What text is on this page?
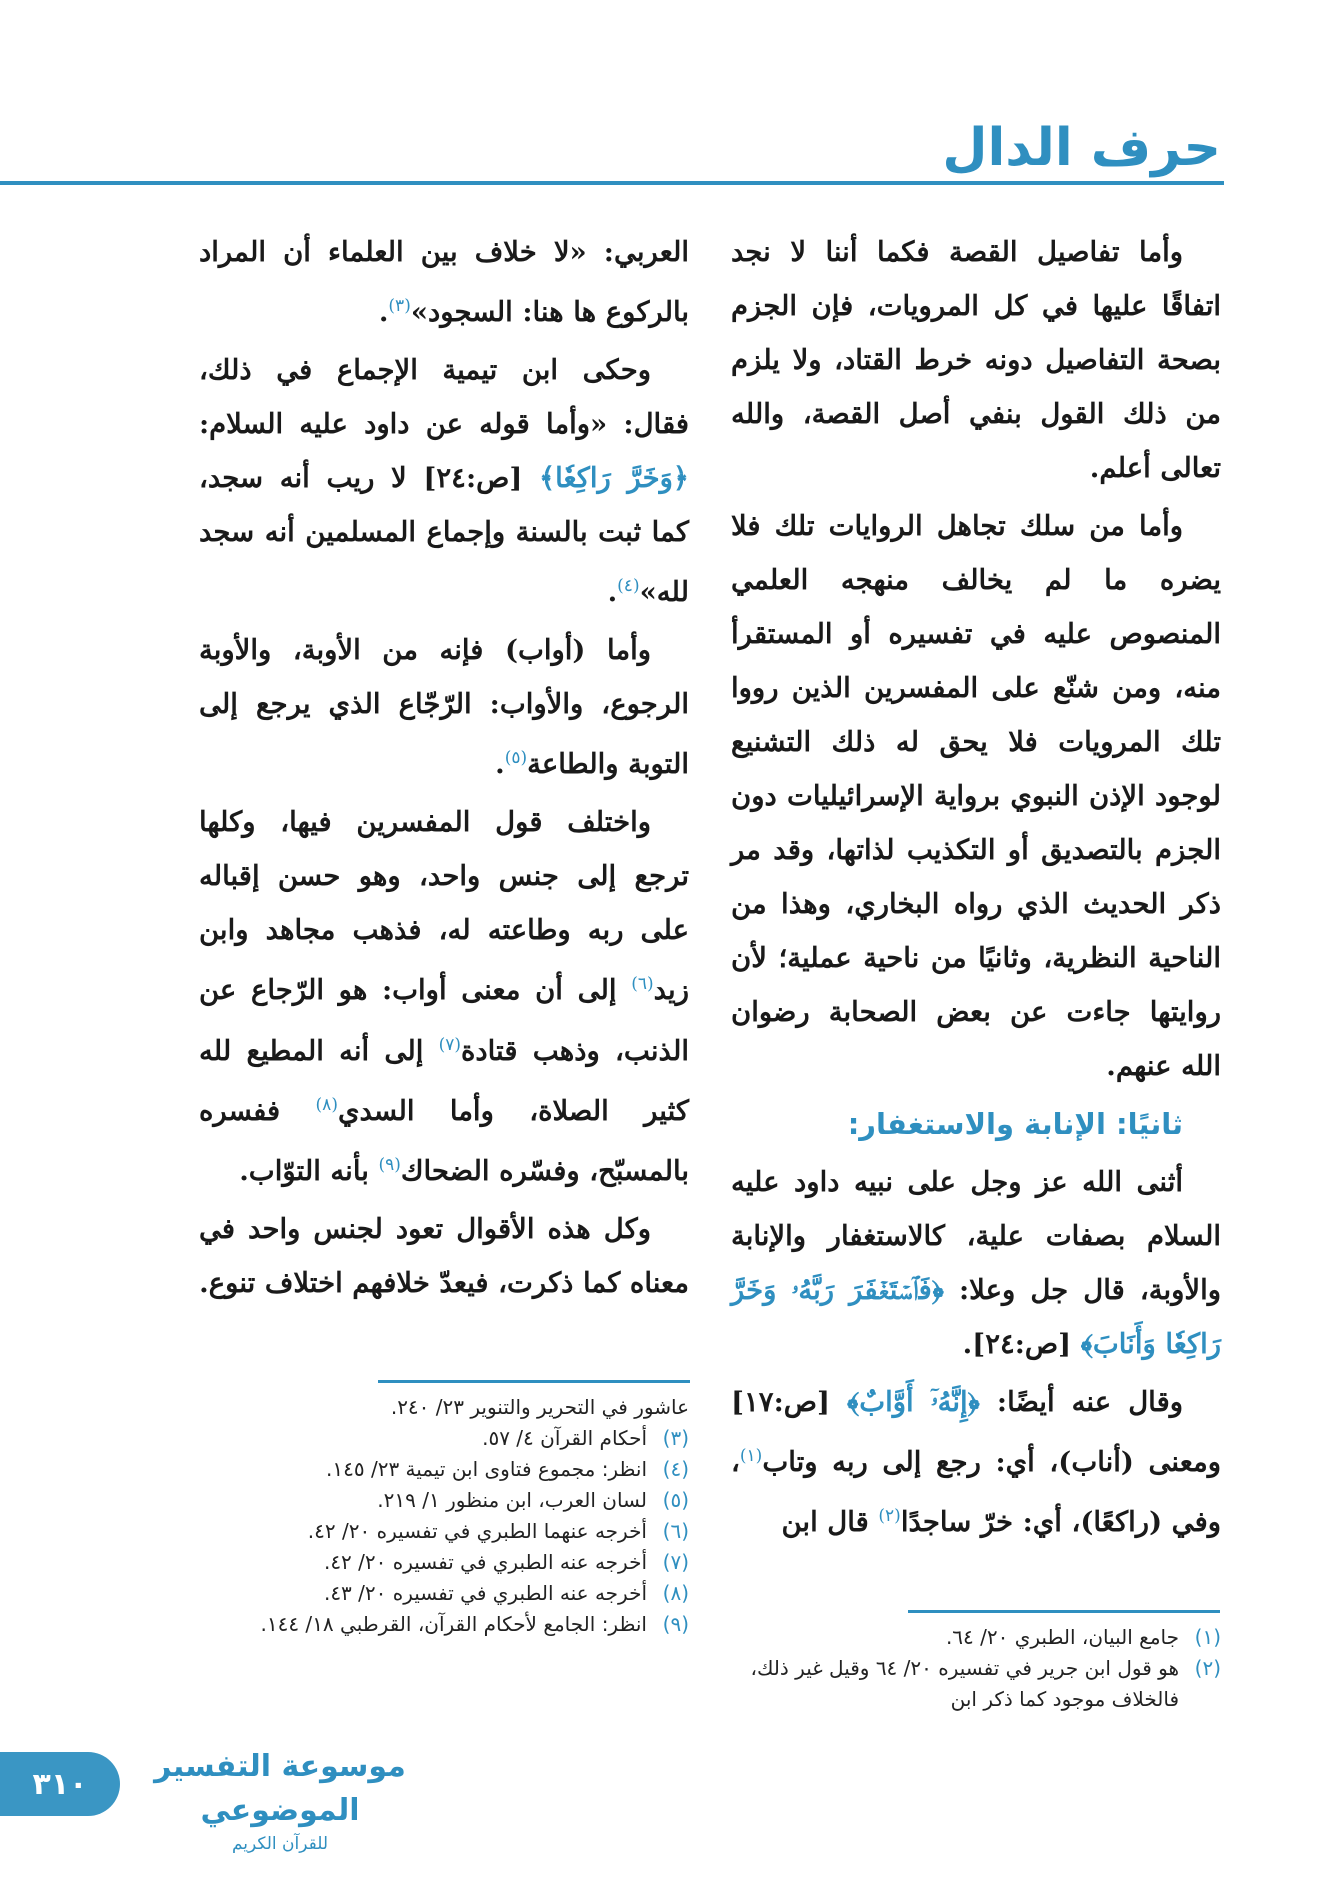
حرف الدال

وأما تفاصيل القصة فكما أننا لا نجد اتفاقًا عليها في كل المرويات، فإن الجزم بصحة التفاصيل دونه خرط القتاد، ولا يلزم من ذلك القول بنفي أصل القصة، والله تعالى أعلم.

وأما من سلك تجاهل الروايات تلك فلا يضره ما لم يخالف منهجه العلمي المنصوص عليه في تفسيره أو المستقرأ منه، ومن شنّع على المفسرين الذين رووا تلك المرويات فلا يحق له ذلك التشنيع لوجود الإذن النبوي برواية الإسرائيليات دون الجزم بالتصديق أو التكذيب لذاتها، وقد مر ذكر الحديث الذي رواه البخاري، وهذا من الناحية النظرية، وثانيًا من ناحية عملية؛ لأن روايتها جاءت عن بعض الصحابة رضوان الله عنهم.

ثانيًا: الإنابة والاستغفار:

أثنى الله عز وجل على نبيه داود عليه السلام بصفات علية، كالاستغفار والإنابة والأوبة، قال جل وعلا: ﴿فَٱسۡتَغۡفَرَ رَبَّهُۥ وَخَرَّ رَاكِعٗا وَأَنَابَ﴾ [ص:٢٤].

وقال عنه أيضًا: ﴿إِنَّهُۥٓ أَوَّابٌ﴾ [ص:١٧] ومعنى (أناب)، أي: رجع إلى ربه وتاب$^{(١)}$، وفي (راكعًا)، أي: خرّ ساجدًا$^{(٢)}$ قال ابن

العربي: «لا خلاف بين العلماء أن المراد بالركوع ها هنا: السجود»$^{(٣)}$.

وحكى ابن تيمية الإجماع في ذلك، فقال: «وأما قوله عن داود عليه السلام: ﴿وَخَرَّ رَاكِعٗا﴾ [ص:٢٤] لا ريب أنه سجد، كما ثبت بالسنة وإجماع المسلمين أنه سجد لله»$^{(٤)}$.

وأما (أواب) فإنه من الأوبة، والأوبة الرجوع، والأواب: الرّجّاع الذي يرجع إلى التوبة والطاعة$^{(٥)}$.

واختلف قول المفسرين فيها، وكلها ترجع إلى جنس واحد، وهو حسن إقباله على ربه وطاعته له، فذهب مجاهد وابن زيد$^{(٦)}$ إلى أن معنى أواب: هو الرّجاع عن الذنب، وذهب قتادة$^{(٧)}$ إلى أنه المطيع لله كثير الصلاة، وأما السدي$^{(٨)}$ ففسره بالمسبّح، وفسّره الضحاك$^{(٩)}$ بأنه التوّاب.

وكل هذه الأقوال تعود لجنس واحد في معناه كما ذكرت، فيعدّ خلافهم اختلاف تنوع.

عاشور في التحرير والتنوير ٢٣/ ٢٤٠.
(٣)
أحكام القرآن ٤/ ٥٧.
(٤)
انظر: مجموع فتاوى ابن تيمية ٢٣/ ١٤٥.
(٥)
لسان العرب، ابن منظور ١/ ٢١٩.
(٦)
أخرجه عنهما الطبري في تفسيره ٢٠/ ٤٢.
(٧)
أخرجه عنه الطبري في تفسيره ٢٠/ ٤٢.
(٨)
أخرجه عنه الطبري في تفسيره ٢٠/ ٤٣.
(٩)
انظر: الجامع لأحكام القرآن، القرطبي ١٨/ ١٤٤.
(١)
جامع البيان، الطبري ٢٠/ ٦٤.
(٢)
هو قول ابن جرير في تفسيره ٢٠/ ٦٤ وقيل غير ذلك، فالخلاف موجود كما ذكر ابن
٣١٠	موسوعة التفسير الموضوعي
للقرآن الكريم
